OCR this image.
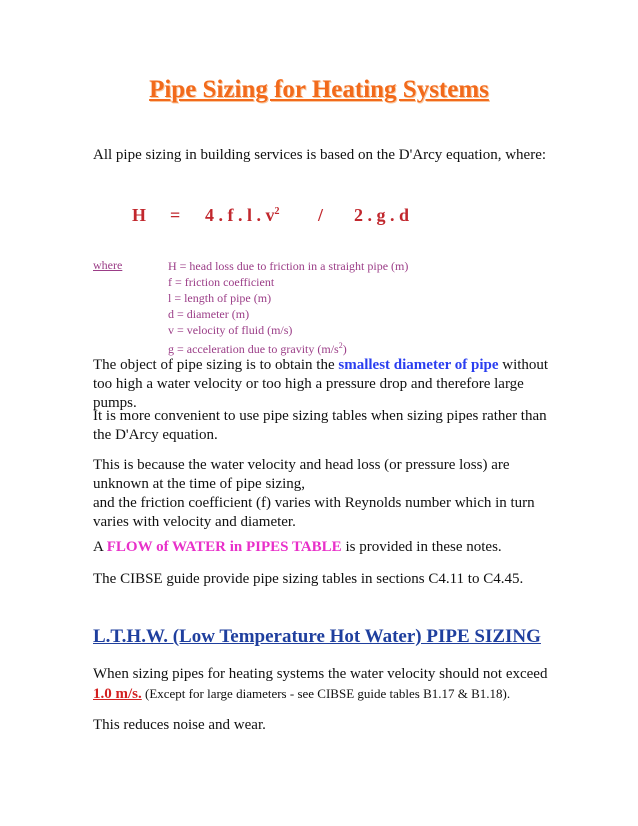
Pipe Sizing for Heating Systems
All pipe sizing in building services is based on the D'Arcy equation, where:
H = 4 . f . l . $v^2 / 2$ . g . d
where	H = head loss due to friction in a straight pipe (m)
f = friction coefficient
l = length of pipe (m)
d = diameter (m)
v = velocity of fluid (m/s)
g = acceleration due to gravity $(m/s^2)$
The object of pipe sizing is to obtain the smallest diameter of pipe without too high a water velocity or too high a pressure drop and therefore large pumps.
It is more convenient to use pipe sizing tables when sizing pipes rather than the D'Arcy equation.
This is because the water velocity and head loss (or pressure loss) are unknown at the time of pipe sizing,
and the friction coefficient (f) varies with Reynolds number which in turn varies with velocity and diameter.
A FLOW of WATER in PIPES TABLE is provided in these notes.
The CIBSE guide provide pipe sizing tables in sections C4.11 to C4.45.
L.T.H.W. (Low Temperature Hot Water) PIPE SIZING
When sizing pipes for heating systems the water velocity should not exceed 1.0 m/s. (Except for large diameters - see CIBSE guide tables B1.17 & B1.18).
This reduces noise and wear.
